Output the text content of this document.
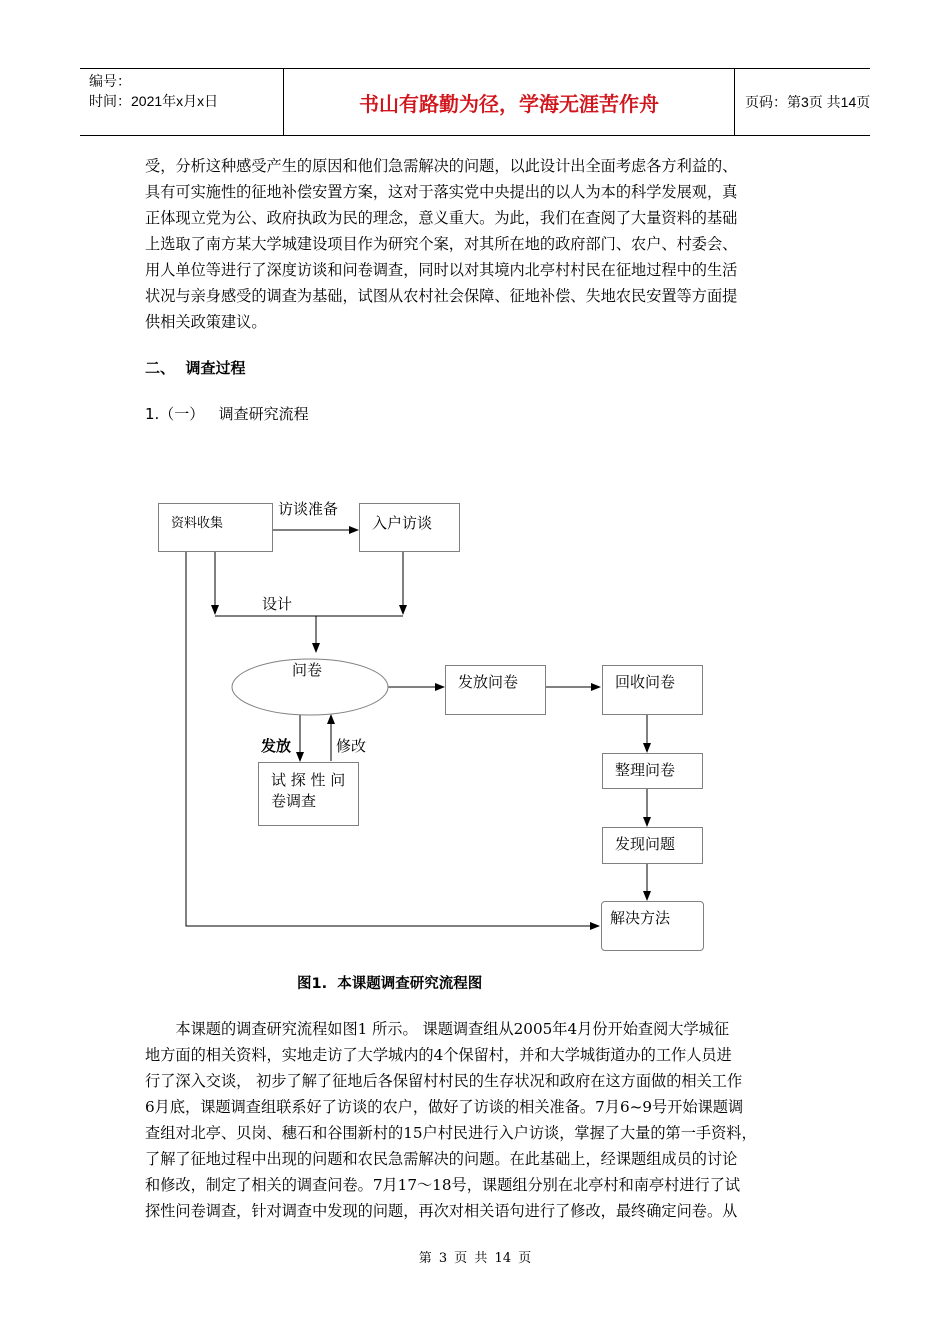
编号：
时间：2021年x月x日	书山有路勤为径，学海无涯苦作舟	页码：第3页 共14页
受，分析这种感受产生的原因和他们急需解决的问题，以此设计出全面考虑各方利益的、
具有可实施性的征地补偿安置方案，这对于落实党中央提出的以人为本的科学发展观，真
正体现立党为公、政府执政为民的理念，意义重大。为此，我们在查阅了大量资料的基础
上选取了南方某大学城建设项目作为研究个案，对其所在地的政府部门、农户、村委会、
用人单位等进行了深度访谈和问卷调查，同时以对其境内北亭村村民在征地过程中的生活
状况与亲身感受的调查为基础，试图从农村社会保障、征地补偿、失地农民安置等方面提
供相关政策建议。
二、  调查过程
1.（一）   调查研究流程
资料收集
访谈准备
入户访谈
设计
问卷
发放问卷	回收问卷
发放	修改
试 探 性 问
卷调查
整理问卷
发现问题
解决方法
图1.  本课题调查研究流程图
　　本课题的调查研究流程如图1 所示。 课题调查组从2005年4月份开始查阅大学城征
地方面的相关资料，实地走访了大学城内的4个保留村，并和大学城街道办的工作人员进
行了深入交谈， 初步了解了征地后各保留村村民的生存状况和政府在这方面做的相关工作
6月底，课题调查组联系好了访谈的农户，做好了访谈的相关准备。7月6~9号开始课题调
查组对北亭、贝岗、穗石和谷围新村的15户村民进行入户访谈，掌握了大量的第一手资料，
了解了征地过程中出现的问题和农民急需解决的问题。在此基础上，经课题组成员的讨论
和修改，制定了相关的调查问卷。7月17～18号，课题组分别在北亭村和南亭村进行了试
探性问卷调查，针对调查中发现的问题，再次对相关语句进行了修改，最终确定问卷。从
第 3 页 共 14 页
